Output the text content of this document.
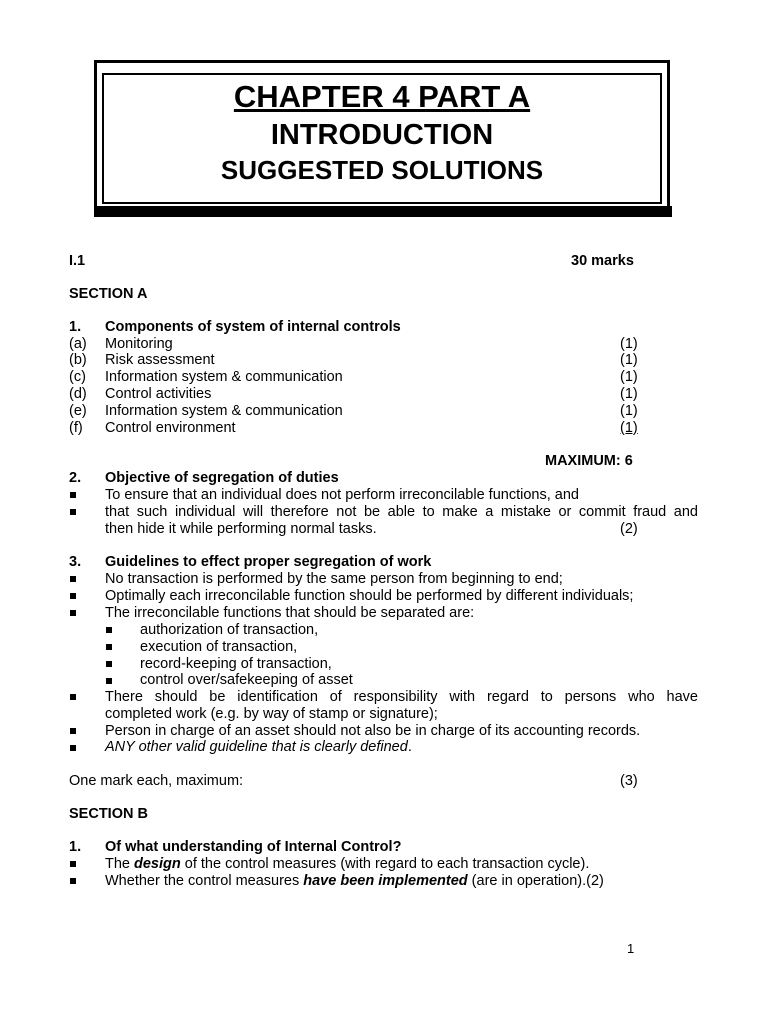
CHAPTER 4 PART A
INTRODUCTION
SUGGESTED SOLUTIONS
I.1	30 marks
SECTION A
1. Components of system of internal controls
(a) Monitoring	(1)
(b) Risk assessment	(1)
(c) Information system & communication	(1)
(d) Control activities	(1)
(e) Information system & communication	(1)
(f) Control environment	(1)
MAXIMUM: 6
2. Objective of segregation of duties
To ensure that an individual does not perform irreconcilable functions, and
that such individual will therefore not be able to make a mistake or commit fraud and
then hide it while performing normal tasks.	(2)
3. Guidelines to effect proper segregation of work
No transaction is performed by the same person from beginning to end;
Optimally each irreconcilable function should be performed by different individuals;
The irreconcilable functions that should be separated are:
authorization of transaction,
execution of transaction,
record-keeping of transaction,
control over/safekeeping of asset
There should be identification of responsibility with regard to persons who have
completed work (e.g. by way of stamp or signature);
Person in charge of an asset should not also be in charge of its accounting records.
ANY other valid guideline that is clearly defined.
One mark each, maximum:	(3)
SECTION B
1. Of what understanding of Internal Control?
The design of the control measures (with regard to each transaction cycle).
Whether the control measures have been implemented (are in operation).(2)
1
